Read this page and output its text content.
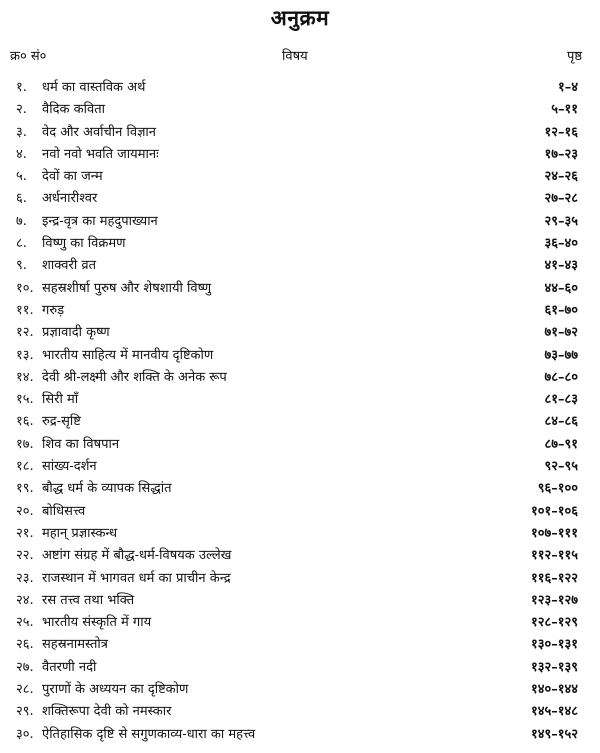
अनुक्रम
क्र० सं०	विषय	पृष्ठ
१.	धर्म का वास्तविक अर्थ	१–४
२.	वैदिक कविता	५–११
३.	वेद और अर्वाचीन विज्ञान	१२–१६
४.	नवो नवो भवति जायमानः	१७–२३
५.	देवों का जन्म	२४–२६
६.	अर्धनारीश्वर	२७–२८
७.	इन्द्र-वृत्र का महदुपाख्यान	२९–३५
८.	विष्णु का विक्रमण	३६–४०
९.	शाक्वरी व्रत	४१–४३
१०. सहस्रशीर्षा पुरुष और शेषशायी विष्णु	४४–६०
११. गरुड़	६१–७०
१२. प्रज्ञावादी कृष्ण	७१–७२
१३. भारतीय साहित्य में मानवीय दृष्टिकोण	७३–७७
१४. देवी श्री-लक्ष्मी और शक्ति के अनेक रूप	७८–८०
१५. सिरी माँ	८१–८३
१६. रुद्र-सृष्टि	८४–८६
१७. शिव का विषपान	८७–९१
१८. सांख्य-दर्शन	९२–९५
१९. बौद्ध धर्म के व्यापक सिद्धांत	९६–१००
२०. बोधिसत्त्व	१०१–१०६
२१. महान् प्रज्ञास्कन्ध	१०७–१११
२२. अष्टांग संग्रह में बौद्ध-धर्म-विषयक उल्लेख	११२–११५
२३. राजस्थान में भागवत धर्म का प्राचीन केन्द्र	११६–१२२
२४. रस तत्त्व तथा भक्ति	१२३–१२७
२५. भारतीय संस्कृति में गाय	१२८–१२९
२६. सहस्रनामस्तोत्र	१३०–१३१
२७. वैतरणी नदी	१३२–१३९
२८. पुराणों के अध्ययन का दृष्टिकोण	१४०–१४४
२९. शक्तिरूपा देवी को नमस्कार	१४५–१४८
३०. ऐतिहासिक दृष्टि से सगुणकाव्य-धारा का महत्त्व	१४९–१५२
